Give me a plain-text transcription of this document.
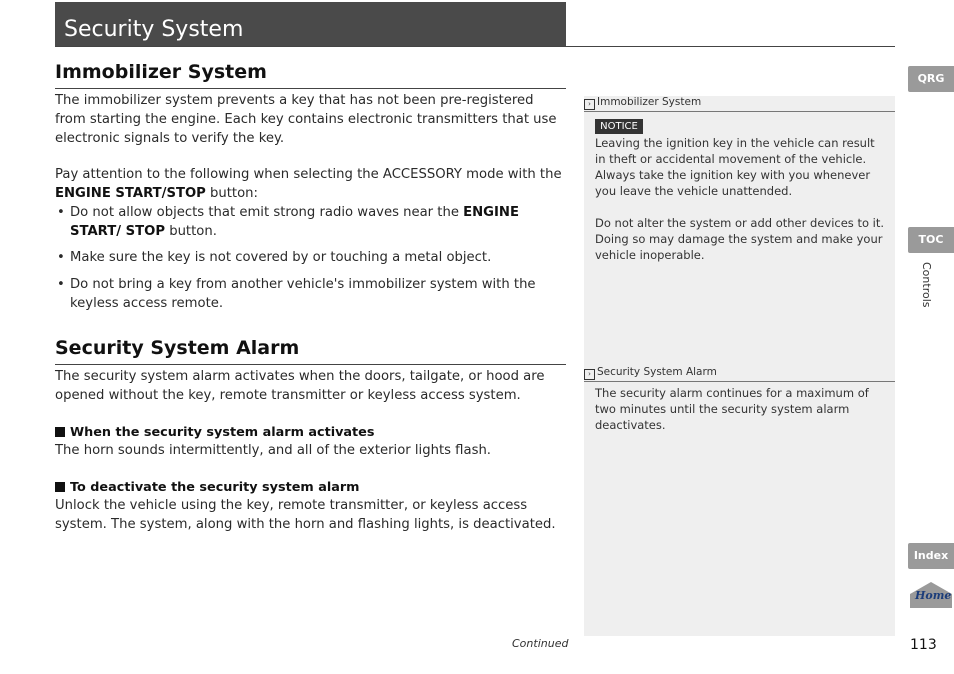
Security System
Immobilizer System

The immobilizer system prevents a key that has not been pre-registered from starting the engine. Each key contains electronic transmitters that use electronic signals to verify the key.

Pay attention to the following when selecting the ACCESSORY mode with the
ENGINE START/STOP button:

• Do not allow objects that emit strong radio waves near the ENGINE START/ STOP button.
• Make sure the key is not covered by or touching a metal object.
• Do not bring a key from another vehicle's immobilizer system with the keyless access remote.
Security System Alarm

The security system alarm activates when the doors, tailgate, or hood are opened without the key, remote transmitter or keyless access system.

When the security system alarm activates
The horn sounds intermittently, and all of the exterior lights flash.
To deactivate the security system alarm
Unlock the vehicle using the key, remote transmitter, or keyless access system. The system, along with the horn and flashing lights, is deactivated.
› Immobilizer System
NOTICE

Leaving the ignition key in the vehicle can result in theft or accidental movement of the vehicle.

Always take the ignition key with you whenever you leave the vehicle unattended.

Do not alter the system or add other devices to it. Doing so may damage the system and make your vehicle inoperable.

› Security System Alarm
The security alarm continues for a maximum of two minutes until the security system alarm deactivates.
QRG
TOC
Controls
Index
Home
Continued	113
